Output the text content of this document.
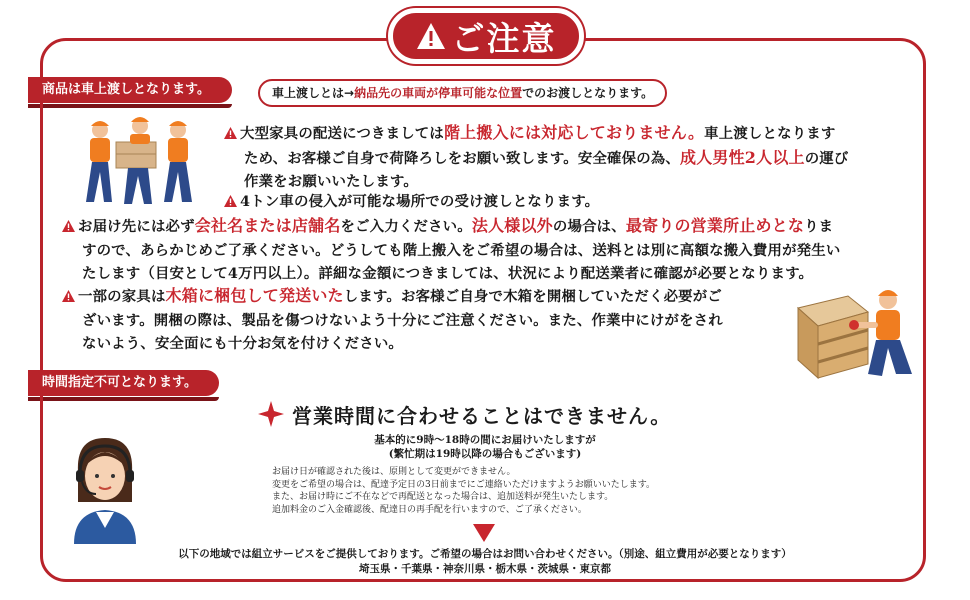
ご注意
商品は車上渡しとなります。	車上渡しとは→納品先の車両が停車可能な位置でのお渡しとなります。
大型家具の配送につきましては階上搬入には対応しておりません。車上渡しとなります
ため、お客様ご自身で荷降ろしをお願い致します。安全確保の為、成人男性2人以上の運び
作業をお願いいたします。
4トン車の侵入が可能な場所での受け渡しとなります。
お届け先には必ず会社名または店舗名をご入力ください。法人様以外の場合は、最寄りの営業所止めとなりま
すので、あらかじめご了承ください。どうしても階上搬入をご希望の場合は、送料とは別に高額な搬入費用が発生い
たします（目安として4万円以上）。詳細な金額につきましては、状況により配送業者に確認が必要となります。
一部の家具は木箱に梱包して発送いたします。お客様ご自身で木箱を開梱していただく必要がご
ざいます。開梱の際は、製品を傷つけないよう十分にご注意ください。また、作業中にけがをされ
ないよう、安全面にも十分お気を付けください。
時間指定不可となります。
営業時間に合わせることはできません。
基本的に9時～18時の間にお届けいたしますが
(繁忙期は19時以降の場合もございます)
お届け日が確認された後は、原則として変更ができません。
変更をご希望の場合は、配達予定日の3日前までにご連絡いただけますようお願いいたします。
また、お届け時にご不在などで再配送となった場合は、追加送料が発生いたします。
追加料金のご入金確認後、配達日の再手配を行いますので、ご了承ください。
以下の地域では組立サービスをご提供しております。ご希望の場合はお問い合わせください。（別途、組立費用が必要となります）
埼玉県・千葉県・神奈川県・栃木県・茨城県・東京都
